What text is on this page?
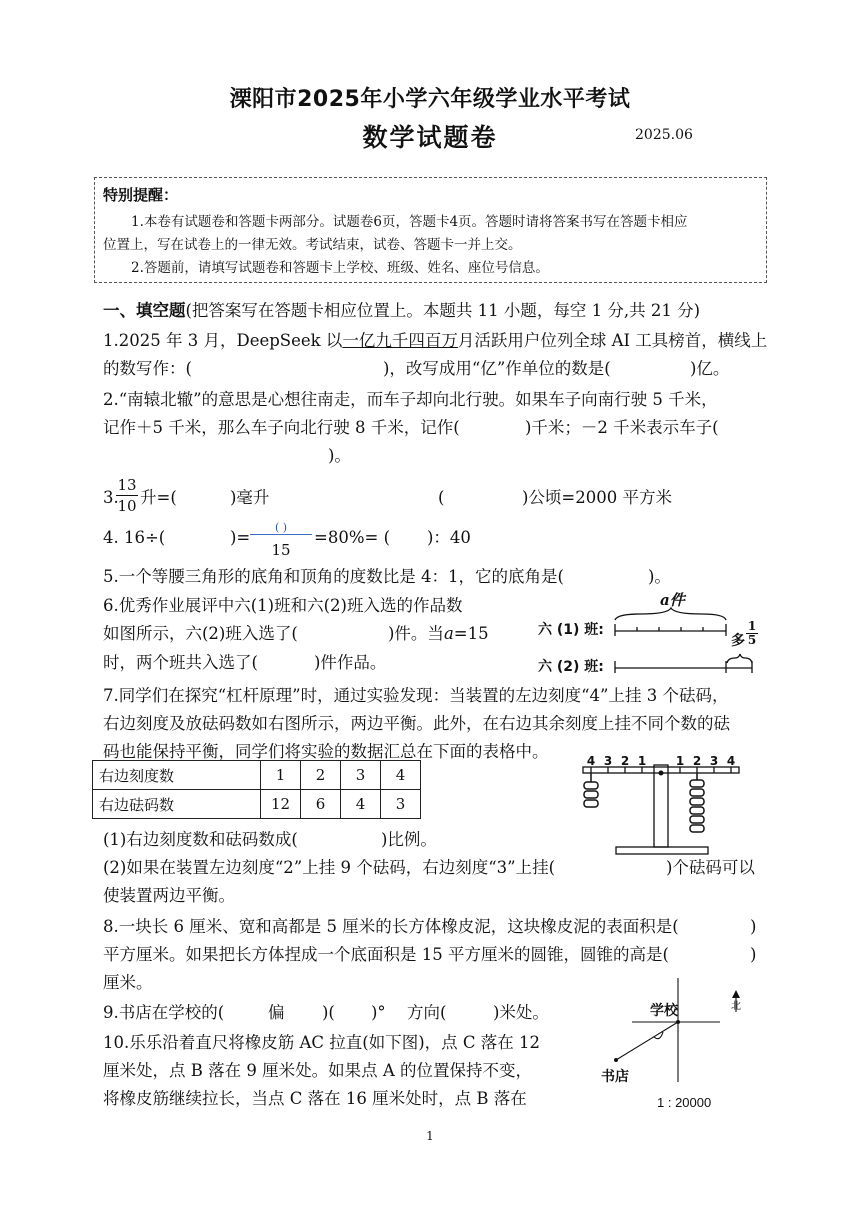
溧阳市2025年小学六年级学业水平考试
数学试题卷	2025.06
特别提醒：
1.本卷有试题卷和答题卡两部分。试题卷6页，答题卡4页。答题时请将答案书写在答题卡相应
位置上，写在试卷上的一律无效。考试结束，试卷、答题卡一并上交。
2.答题前，请填写试题卷和答题卡上学校、班级、姓名、座位号信息。
一、填空题(把答案写在答题卡相应位置上。本题共 11 小题，每空 1 分,共 21 分)
1.2025 年 3 月，DeepSeek 以一亿九千四百万月活跃用户位列全球 AI 工具榜首，横线上
的数写作：(	)，改写成用“亿”作单位的数是(	)亿。
2.“南辕北辙”的意思是心想往南走，而车子却向北行驶。如果车子向南行驶 5 千米，
记作＋5 千米，那么车子向北行驶 8 千米，记作(	)千米；－2 千米表示车子(
)。
3.
13
10 升=(	)毫升	(	)公顷=2000 平方米
4. 16÷(	)=
( )
15
=80%= ( )：40
5.一个等腰三角形的底角和顶角的度数比是 4：1，它的底角是(	)。
6.优秀作业展评中六(1)班和六(2)班入选的作品数
如图所示，六(2)班入选了(	)件。当a=15
时，两个班共入选了(	)件作品。
a件
六 (1) 班:
六 (2) 班:
多
1
5
7.同学们在探究“杠杆原理”时，通过实验发现：当装置的左边刻度“4”上挂 3 个砝码，
右边刻度及放砝码数如右图所示，两边平衡。此外，在右边其余刻度上挂不同个数的砝
码也能保持平衡，同学们将实验的数据汇总在下面的表格中。
右边刻度数	1	2	3	4
右边砝码数	12	6	4	3
4 3 2 1 1 2 3 4
(1)右边刻度数和砝码数成(	)比例。
(2)如果在装置左边刻度“2”上挂 9 个砝码，右边刻度“3”上挂(	)个砝码可以
使装置两边平衡。
8.一块长 6 厘米、宽和高都是 5 厘米的长方体橡皮泥，这块橡皮泥的表面积是(	)
平方厘米。如果把长方体捏成一个底面积是 15 平方厘米的圆锥，圆锥的高是(	)
厘米。
9.书店在学校的(	偏 )( )° 方向(	)米处。
10.乐乐沿着直尺将橡皮筋 AC 拉直(如下图)，点 C 落在 12
厘米处，点 B 落在 9 厘米处。如果点 A 的位置保持不变，
将橡皮筋继续拉长，当点 C 落在 16 厘米处时，点 B 落在
北
学校
书店
1 : 20000
1
